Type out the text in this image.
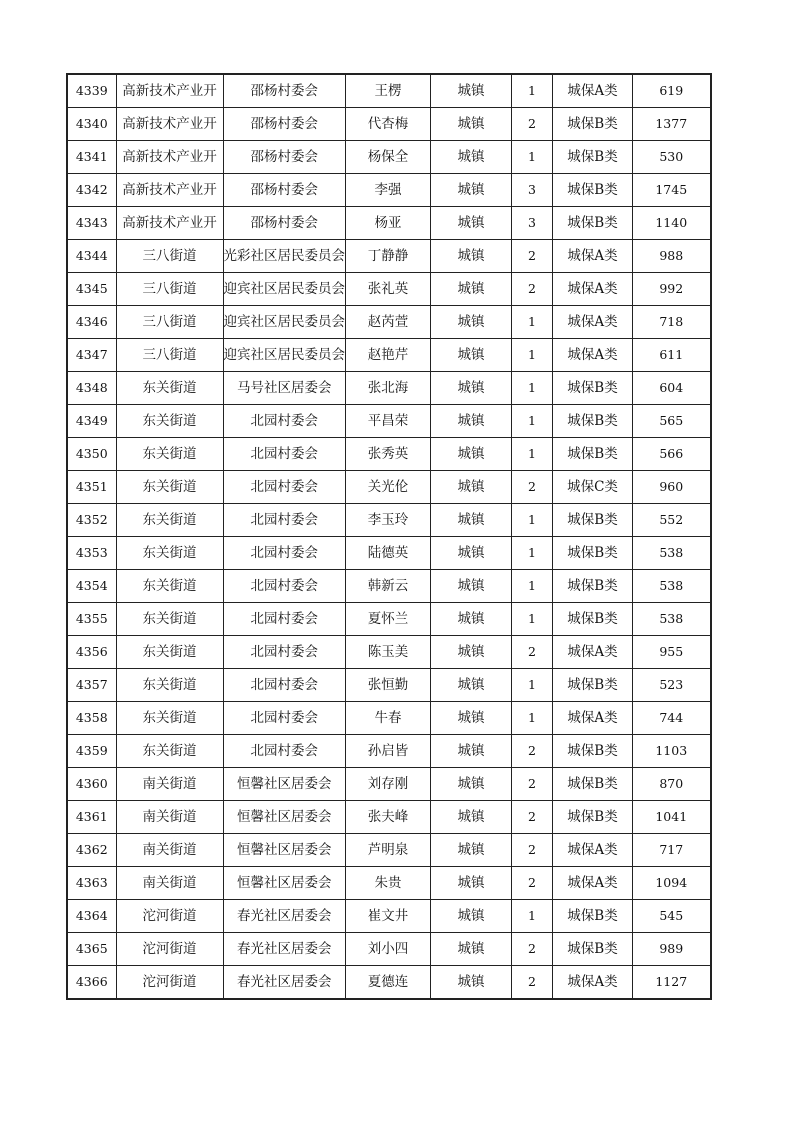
4339	高新技术产业开	邵杨村委会	王楞	城镇	1	城保A类	619
4340	高新技术产业开	邵杨村委会	代杏梅	城镇	2	城保B类	1377
4341	高新技术产业开	邵杨村委会	杨保全	城镇	1	城保B类	530
4342	高新技术产业开	邵杨村委会	李强	城镇	3	城保B类	1745
4343	高新技术产业开	邵杨村委会	杨亚	城镇	3	城保B类	1140
4344	三八街道	光彩社区居民委员会	丁静静	城镇	2	城保A类	988
4345	三八街道	迎宾社区居民委员会	张礼英	城镇	2	城保A类	992
4346	三八街道	迎宾社区居民委员会	赵芮萱	城镇	1	城保A类	718
4347	三八街道	迎宾社区居民委员会	赵艳芹	城镇	1	城保A类	611
4348	东关街道	马号社区居委会	张北海	城镇	1	城保B类	604
4349	东关街道	北园村委会	平昌荣	城镇	1	城保B类	565
4350	东关街道	北园村委会	张秀英	城镇	1	城保B类	566
4351	东关街道	北园村委会	关光伦	城镇	2	城保C类	960
4352	东关街道	北园村委会	李玉玲	城镇	1	城保B类	552
4353	东关街道	北园村委会	陆德英	城镇	1	城保B类	538
4354	东关街道	北园村委会	韩新云	城镇	1	城保B类	538
4355	东关街道	北园村委会	夏怀兰	城镇	1	城保B类	538
4356	东关街道	北园村委会	陈玉美	城镇	2	城保A类	955
4357	东关街道	北园村委会	张恒勤	城镇	1	城保B类	523
4358	东关街道	北园村委会	牛春	城镇	1	城保A类	744
4359	东关街道	北园村委会	孙启皆	城镇	2	城保B类	1103
4360	南关街道	恒馨社区居委会	刘存刚	城镇	2	城保B类	870
4361	南关街道	恒馨社区居委会	张夫峰	城镇	2	城保B类	1041
4362	南关街道	恒馨社区居委会	芦明泉	城镇	2	城保A类	717
4363	南关街道	恒馨社区居委会	朱贵	城镇	2	城保A类	1094
4364	沱河街道	春光社区居委会	崔文井	城镇	1	城保B类	545
4365	沱河街道	春光社区居委会	刘小四	城镇	2	城保B类	989
4366	沱河街道	春光社区居委会	夏德连	城镇	2	城保A类	1127
